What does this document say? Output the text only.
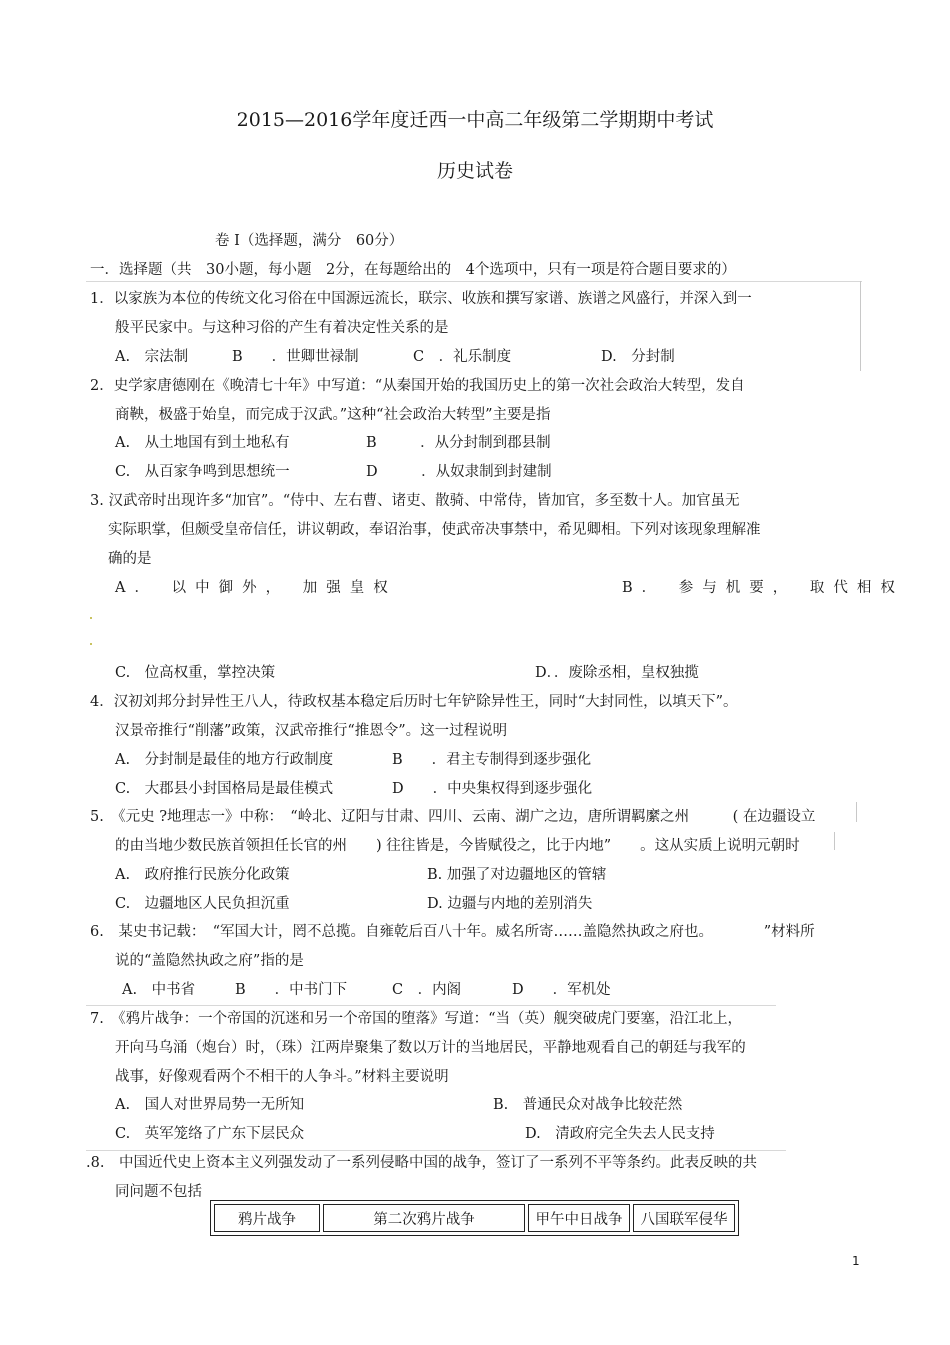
2015—2016学年度迁西一中高二年级第二学期期中考试
历史试卷
卷 I（选择题，满分　60分）
一．选择题（共　30小题，每小题　2分，在每题给出的　4个选项中，只有一项是符合题目要求的）
1．以家族为本位的传统文化习俗在中国源远流长，联宗、收族和撰写家谱、族谱之风盛行，并深入到一
般平民家中。与这种习俗的产生有着决定性关系的是
A.　宗法制	B　　．世卿世禄制	C　．礼乐制度	D.　分封制
2．史学家唐德刚在《晚清七十年》中写道：“从秦国开始的我国历史上的第一次社会政治大转型，发自
商鞅，极盛于始皇，而完成于汉武。”这种“社会政治大转型”主要是指
A.　从土地国有到土地私有	B　　　．从分封制到郡县制
C.　从百家争鸣到思想统一	D　　　．从奴隶制到封建制
3. 汉武帝时出现许多“加官”。“侍中、左右曹、诸吏、散骑、中常侍，皆加官，多至数十人。加官虽无
实际职掌，但颇受皇帝信任，讲议朝政，奉诏治事，使武帝决事禁中，希见卿相。下列对该现象理解准
确的是
A． 以中御外， 加强皇权	B． 参与机要， 取代相权
C.　位高权重，掌控决策	D．．废除丞相，皇权独揽
4．汉初刘邦分封异性王八人，待政权基本稳定后历时七年铲除异性王，同时“大封同性，以填天下”。
汉景帝推行“削藩”政策，汉武帝推行“推恩令”。这一过程说明
A.　分封制是最佳的地方行政制度	B　　．君主专制得到逐步强化
C.　大郡县小封国格局是最佳模式	D　　．中央集权得到逐步强化
5.　《元史 ?地理志一》中称：　“岭北、辽阳与甘肃、四川、云南、湖广之边，唐所谓羁縻之州　　　( 在边疆设立
的由当地少数民族首领担任长官的州　　) 往往皆是，今皆赋役之，比于内地”　　。这从实质上说明元朝时
A.　政府推行民族分化政策	B. 加强了对边疆地区的管辖
C.　边疆地区人民负担沉重	D. 边疆与内地的差别消失
6.　某史书记载：　“军国大计，罔不总揽。自雍乾后百八十年。威名所寄……盖隐然执政之府也。　　　　”材料所
说的“盖隐然执政之府”指的是
A.　中书省	B　　．中书门下	C　．内阁	D　　．军机处
7.　《鸦片战争：一个帝国的沉迷和另一个帝国的堕落》写道：“当（英）舰突破虎门要塞，沿江北上，
开向马乌涌（炮台）时，（珠）江两岸聚集了数以万计的当地居民，平静地观看自己的朝廷与我军的
战事，好像观看两个不相干的人争斗。”材料主要说明
A.　国人对世界局势一无所知	B.　普通民众对战争比较茫然
C.　英军笼络了广东下层民众	D.　清政府完全失去人民支持
.8.　中国近代史上资本主义列强发动了一系列侵略中国的战争，签订了一系列不平等条约。此表反映的共
同问题不包括
鸦片战争	第二次鸦片战争	甲午中日战争	八国联军侵华
1
